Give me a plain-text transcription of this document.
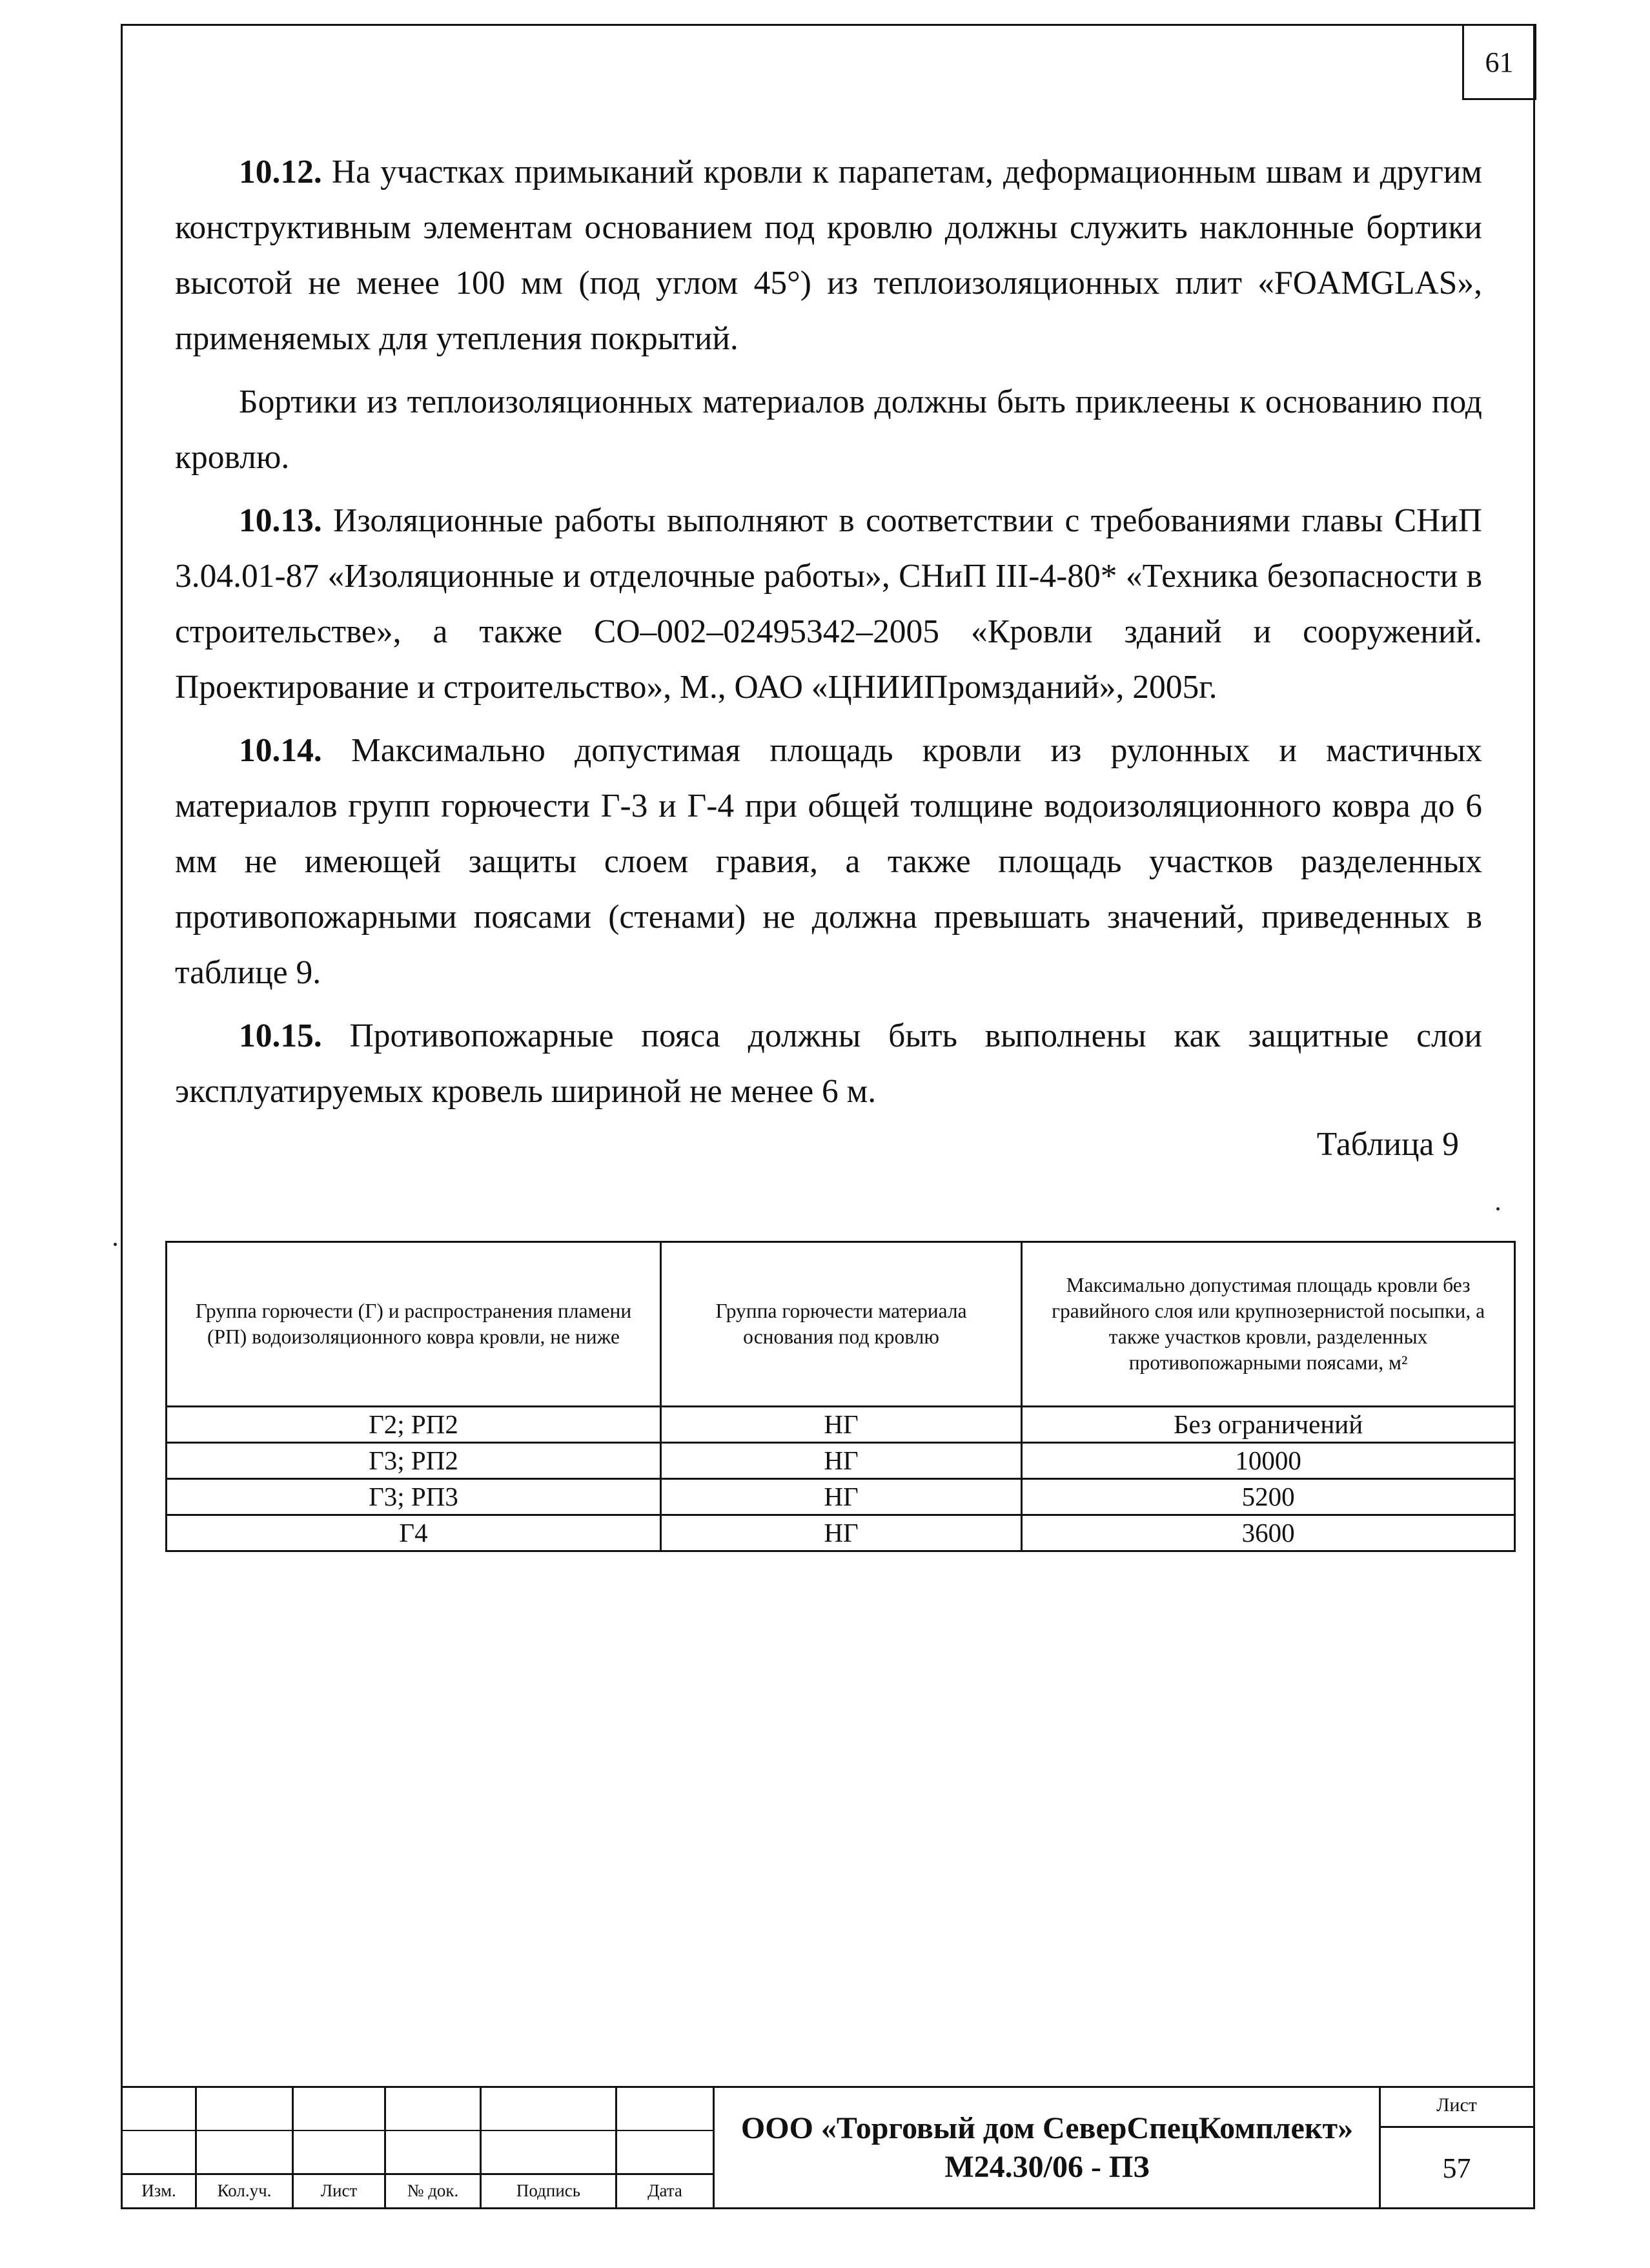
61

10.12. На участках примыканий кровли к парапетам, деформационным швам и другим конструктивным элементам основанием под кровлю должны служить наклонные бортики высотой не менее 100 мм (под углом 45°) из теплоизоляционных плит «FOAMGLAS», применяемых для утепления покрытий.

Бортики из теплоизоляционных материалов должны быть приклеены к основанию под кровлю.

10.13. Изоляционные работы выполняют в соответствии с требованиями главы СНиП 3.04.01-87 «Изоляционные и отделочные работы», СНиП III-4-80* «Техника безопасности в строительстве», а также СО–002–02495342–2005 «Кровли зданий и сооружений. Проектирование и строительство», М., ОАО «ЦНИИПромзданий», 2005г.

10.14. Максимально допустимая площадь кровли из рулонных и мастичных материалов групп горючести Г-3 и Г-4 при общей толщине водоизоляционного ковра до 6 мм не имеющей защиты слоем гравия, а также площадь участков разделенных противопожарными поясами (стенами) не должна превышать значений, приведенных в таблице 9.

10.15. Противопожарные пояса должны быть выполнены как защитные слои эксплуатируемых кровель шириной не менее 6 м.

Таблица 9
Группа горючести (Г) и распространения пламени (РП) водоизоляционного ковра кровли, не ниже	Группа горючести материала основания под кровлю	Максимально допустимая площадь кровли без гравийного слоя или крупнозернистой посыпки, а также участков кровли, разделенных противопожарными поясами, м²
Г2; РП2	НГ	Без ограничений
Г3; РП2	НГ	10000
Г3; РП3	НГ	5200
Г4	НГ	3600
Изм.	Кол.уч.	Лист	№ док.	Подпись	Дата
ООО «Торговый дом СеверСпецКомплект»
М24.30/06 - ПЗ
Лист
57
